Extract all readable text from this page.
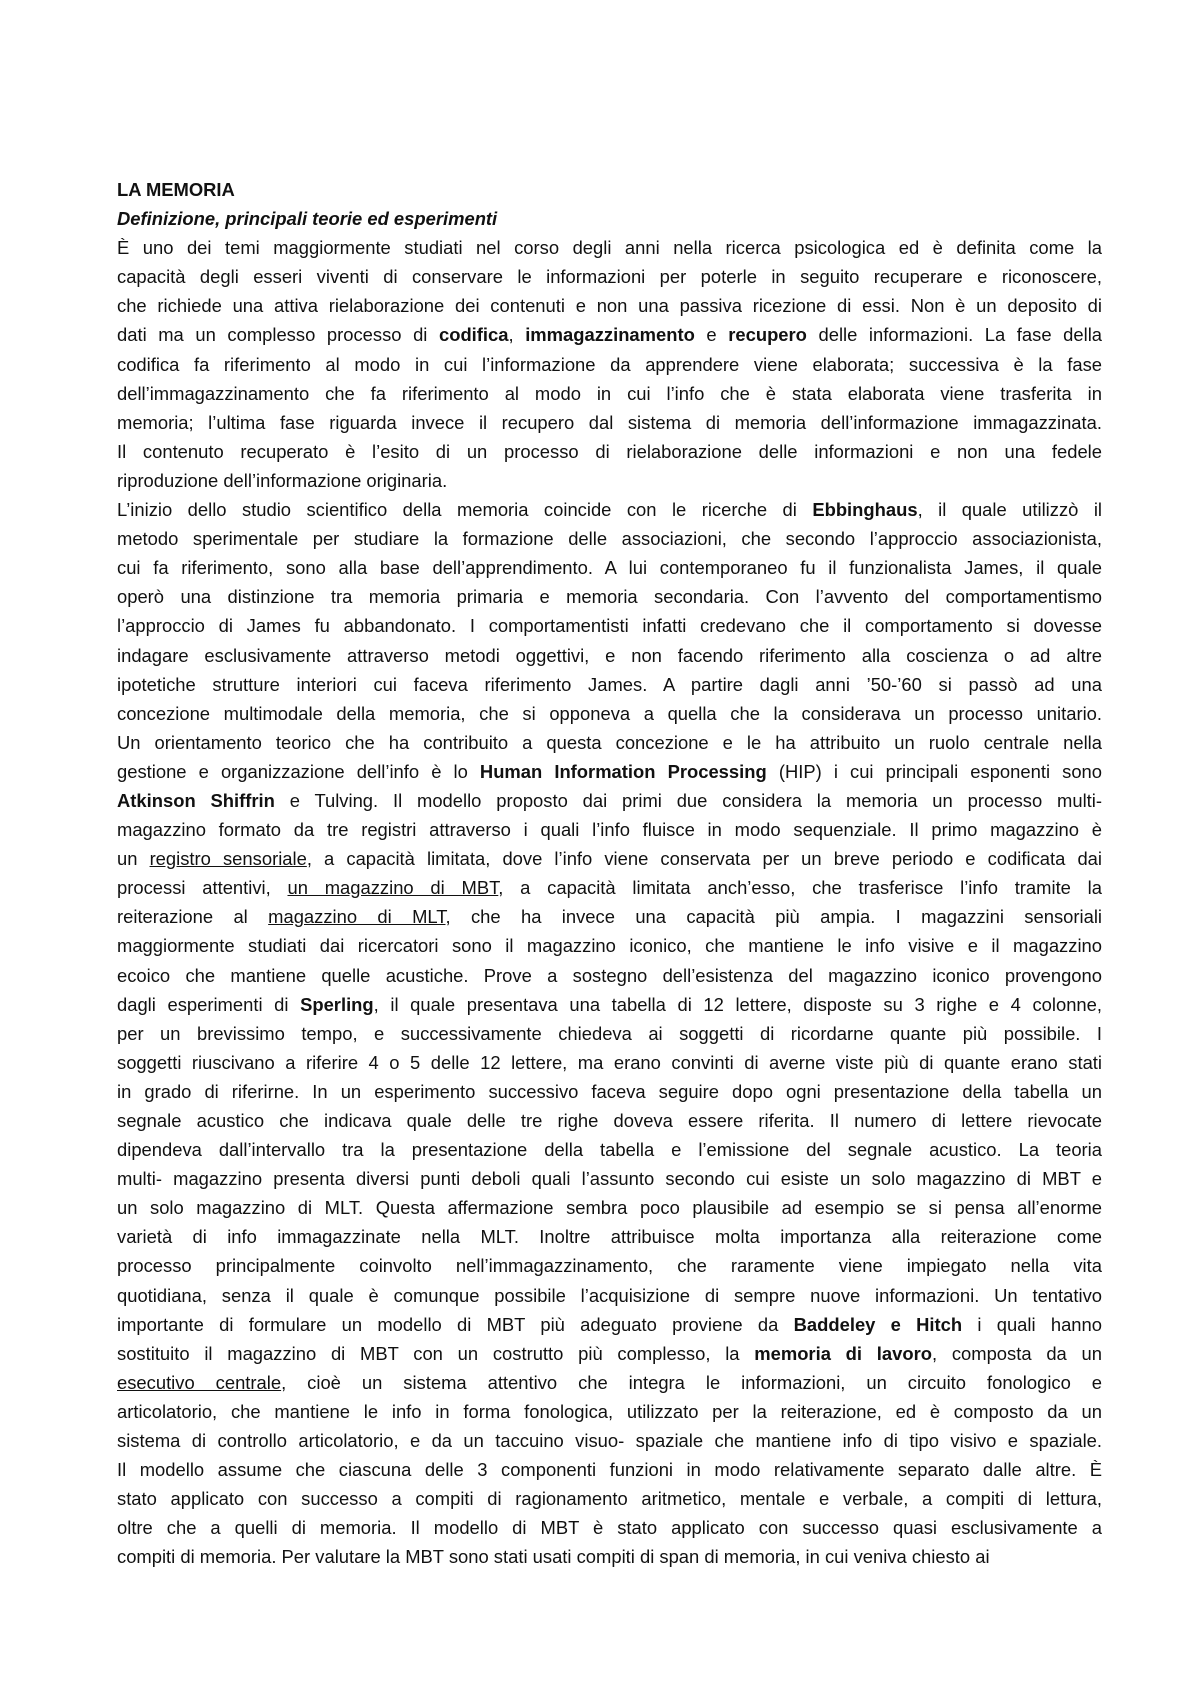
LA MEMORIA
Definizione, principali teorie ed esperimenti
È uno dei temi maggiormente studiati nel corso degli anni nella ricerca psicologica ed è definita come la
capacità degli esseri viventi di conservare le informazioni per poterle in seguito recuperare e riconoscere,
che richiede una attiva rielaborazione dei contenuti e non una passiva ricezione di essi. Non è un deposito di
dati ma un complesso processo di codifica, immagazzinamento e recupero delle informazioni. La fase della
codifica fa riferimento al modo in cui l’informazione da apprendere viene elaborata; successiva è la fase
dell’immagazzinamento che fa riferimento al modo in cui l’info che è stata elaborata viene trasferita in
memoria; l’ultima fase riguarda invece il recupero dal sistema di memoria dell’informazione immagazzinata.
Il contenuto recuperato è l’esito di un processo di rielaborazione delle informazioni e non una fedele
riproduzione dell’informazione originaria.
L’inizio dello studio scientifico della memoria coincide con le ricerche di Ebbinghaus, il quale utilizzò il
metodo sperimentale per studiare la formazione delle associazioni, che secondo l’approccio associazionista,
cui fa riferimento, sono alla base dell’apprendimento. A lui contemporaneo fu il funzionalista James, il quale
operò una distinzione tra memoria primaria e memoria secondaria. Con l’avvento del comportamentismo
l’approccio di James fu abbandonato. I comportamentisti infatti credevano che il comportamento si dovesse
indagare esclusivamente attraverso metodi oggettivi, e non facendo riferimento alla coscienza o ad altre
ipotetiche strutture interiori cui faceva riferimento James. A partire dagli anni ’50-’60 si passò ad una
concezione multimodale della memoria, che si opponeva a quella che la considerava un processo unitario.
Un orientamento teorico che ha contribuito a questa concezione e le ha attribuito un ruolo centrale nella
gestione e organizzazione dell’info è lo Human Information Processing (HIP) i cui principali esponenti sono
Atkinson Shiffrin e Tulving. Il modello proposto dai primi due considera la memoria un processo multi-
magazzino formato da tre registri attraverso i quali l’info fluisce in modo sequenziale. Il primo magazzino è
un registro sensoriale, a capacità limitata, dove l’info viene conservata per un breve periodo e codificata dai
processi attentivi, un magazzino di MBT, a capacità limitata anch’esso, che trasferisce l’info tramite la
reiterazione al magazzino di MLT, che ha invece una capacità più ampia. I magazzini sensoriali
maggiormente studiati dai ricercatori sono il magazzino iconico, che mantiene le info visive e il magazzino
ecoico che mantiene quelle acustiche. Prove a sostegno dell’esistenza del magazzino iconico provengono
dagli esperimenti di Sperling, il quale presentava una tabella di 12 lettere, disposte su 3 righe e 4 colonne,
per un brevissimo tempo, e successivamente chiedeva ai soggetti di ricordarne quante più possibile. I
soggetti riuscivano a riferire 4 o 5 delle 12 lettere, ma erano convinti di averne viste più di quante erano stati
in grado di riferirne. In un esperimento successivo faceva seguire dopo ogni presentazione della tabella un
segnale acustico che indicava quale delle tre righe doveva essere riferita. Il numero di lettere rievocate
dipendeva dall’intervallo tra la presentazione della tabella e l’emissione del segnale acustico. La teoria
multi- magazzino presenta diversi punti deboli quali l’assunto secondo cui esiste un solo magazzino di MBT e
un solo magazzino di MLT. Questa affermazione sembra poco plausibile ad esempio se si pensa all’enorme
varietà di info immagazzinate nella MLT. Inoltre attribuisce molta importanza alla reiterazione come
processo principalmente coinvolto nell’immagazzinamento, che raramente viene impiegato nella vita
quotidiana, senza il quale è comunque possibile l’acquisizione di sempre nuove informazioni. Un tentativo
importante di formulare un modello di MBT più adeguato proviene da Baddeley e Hitch i quali hanno
sostituito il magazzino di MBT con un costrutto più complesso, la memoria di lavoro, composta da un
esecutivo centrale, cioè un sistema attentivo che integra le informazioni, un circuito fonologico e
articolatorio, che mantiene le info in forma fonologica, utilizzato per la reiterazione, ed è composto da un
sistema di controllo articolatorio, e da un taccuino visuo- spaziale che mantiene info di tipo visivo e spaziale.
Il modello assume che ciascuna delle 3 componenti funzioni in modo relativamente separato dalle altre. È
stato applicato con successo a compiti di ragionamento aritmetico, mentale e verbale, a compiti di lettura,
oltre che a quelli di memoria. Il modello di MBT è stato applicato con successo quasi esclusivamente a
compiti di memoria. Per valutare la MBT sono stati usati compiti di span di memoria, in cui veniva chiesto ai
